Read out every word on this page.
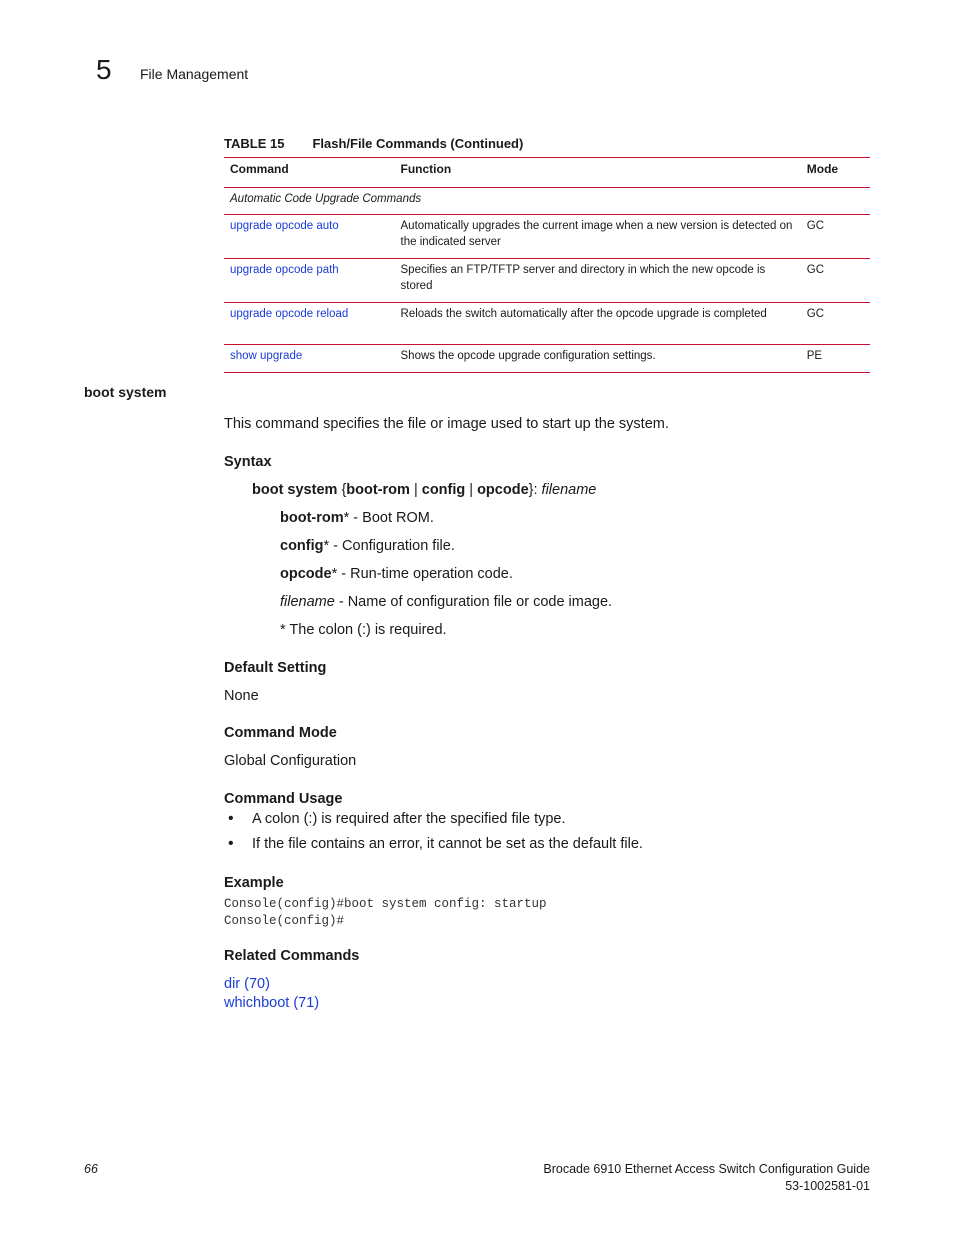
5 File Management
TABLE 15 Flash/File Commands (Continued)
Command	Function	Mode
Automatic Code Upgrade Commands		
upgrade opcode auto	Automatically upgrades the current image when a new version is detected on the indicated server	GC
upgrade opcode path	Specifies an FTP/TFTP server and directory in which the new opcode is stored	GC
upgrade opcode reload	Reloads the switch automatically after the opcode upgrade is completed	GC
show upgrade	Shows the opcode upgrade configuration settings.	PE
boot system
This command specifies the file or image used to start up the system.
Syntax
boot system {boot-rom | config | opcode}: filename
boot-rom* - Boot ROM.
config* - Configuration file.
opcode* - Run-time operation code.
filename - Name of configuration file or code image.
* The colon (:) is required.
Default Setting
None
Command Mode
Global Configuration
Command Usage
• A colon (:) is required after the specified file type.
• If the file contains an error, it cannot be set as the default file.
Example
Console(config)#boot system config: startup
Console(config)#
Related Commands
dir (70)
whichboot (71)
66	Brocade 6910 Ethernet Access Switch Configuration Guide
53-1002581-01
